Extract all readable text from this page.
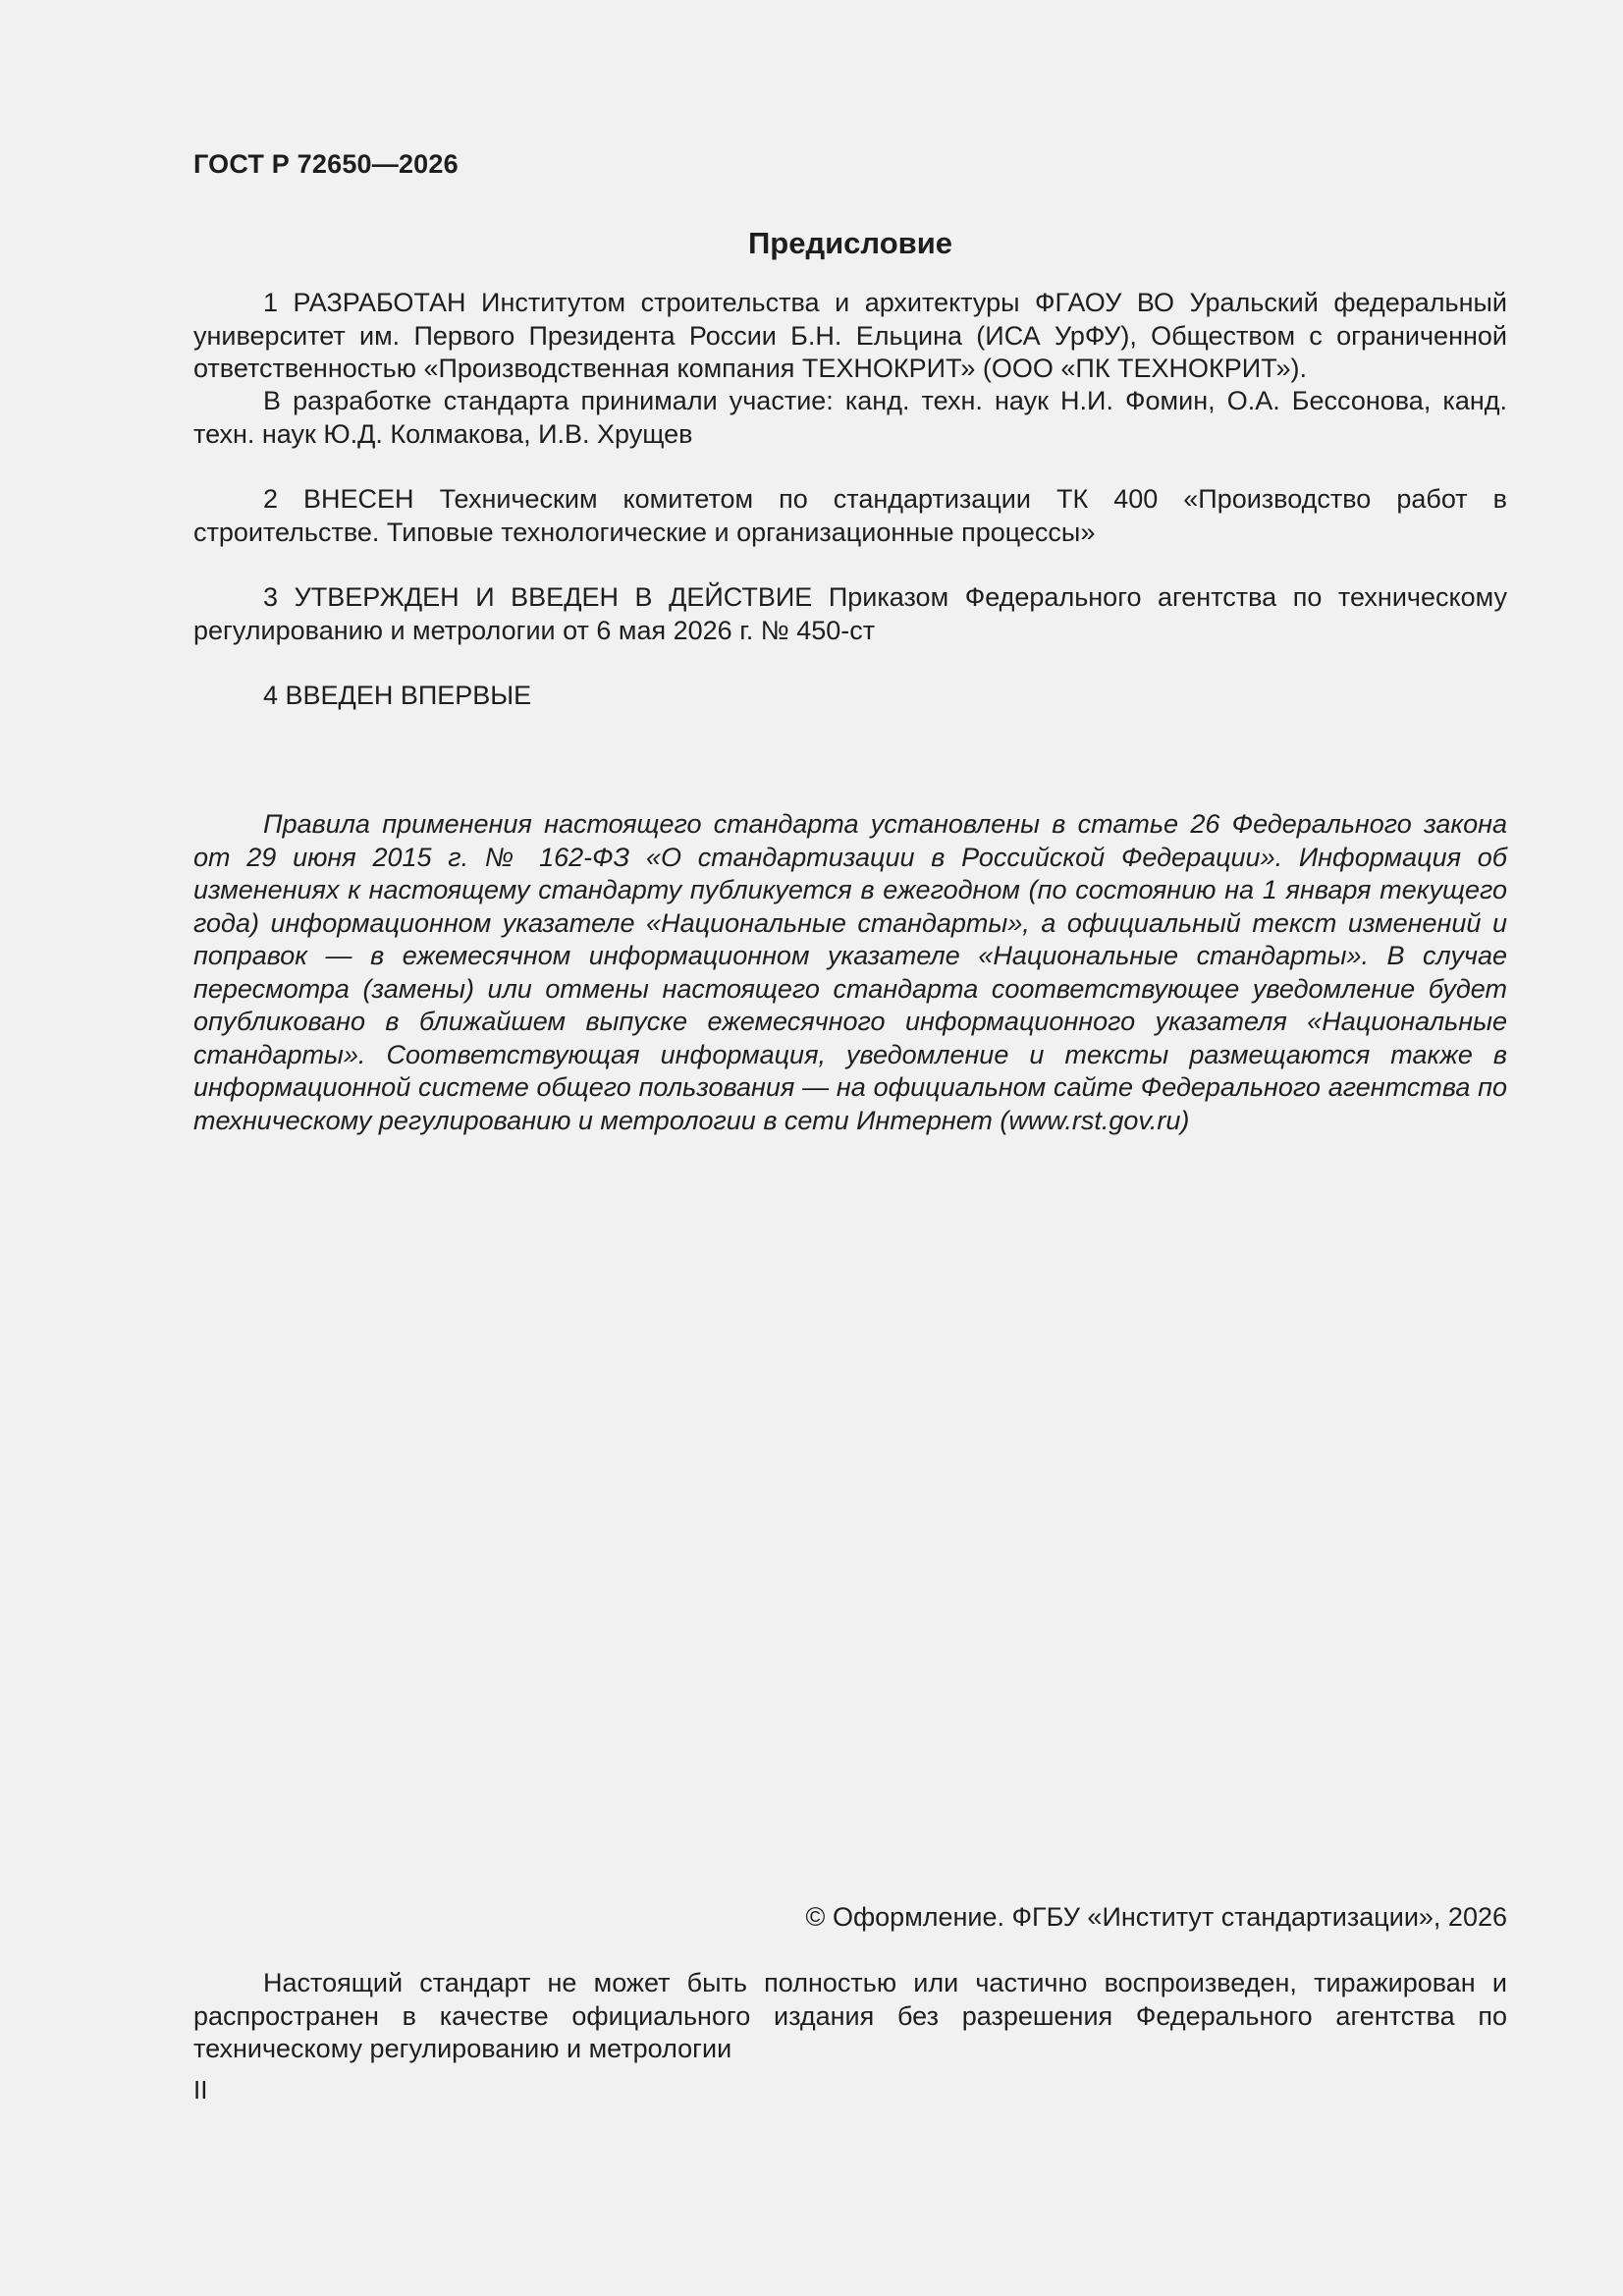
ГОСТ Р 72650—2026
Предисловие

1 РАЗРАБОТАН Институтом строительства и архитектуры ФГАОУ ВО Уральский федеральный университет им. Первого Президента России Б.Н. Ельцина (ИСА УрФУ), Обществом с ограниченной ответственностью «Производственная компания ТЕХНОКРИТ» (ООО «ПК ТЕХНОКРИТ»).

В разработке стандарта принимали участие: канд. техн. наук Н.И. Фомин, О.А. Бессонова, канд. техн. наук Ю.Д. Колмакова, И.В. Хрущев

2 ВНЕСЕН Техническим комитетом по стандартизации ТК 400 «Производство работ в строительстве. Типовые технологические и организационные процессы»

3 УТВЕРЖДЕН И ВВЕДЕН В ДЕЙСТВИЕ Приказом Федерального агентства по техническому регулированию и метрологии от 6 мая 2026 г. № 450-ст

4 ВВЕДЕН ВПЕРВЫЕ

Правила применения настоящего стандарта установлены в статье 26 Федерального закона от 29 июня 2015 г. № 162-ФЗ «О стандартизации в Российской Федерации». Информация об изменениях к настоящему стандарту публикуется в ежегодном (по состоянию на 1 января текущего года) информационном указателе «Национальные стандарты», а официальный текст изменений и поправок — в ежемесячном информационном указателе «Национальные стандарты». В случае пересмотра (замены) или отмены настоящего стандарта соответствующее уведомление будет опубликовано в ближайшем выпуске ежемесячного информационного указателя «Национальные стандарты». Соответствующая информация, уведомление и тексты размещаются также в информационной системе общего пользования — на официальном сайте Федерального агентства по техническому регулированию и метрологии в сети Интернет (www.rst.gov.ru)

© Оформление. ФГБУ «Институт стандартизации», 2026

Настоящий стандарт не может быть полностью или частично воспроизведен, тиражирован и распространен в качестве официального издания без разрешения Федерального агентства по техническому регулированию и метрологии

II
